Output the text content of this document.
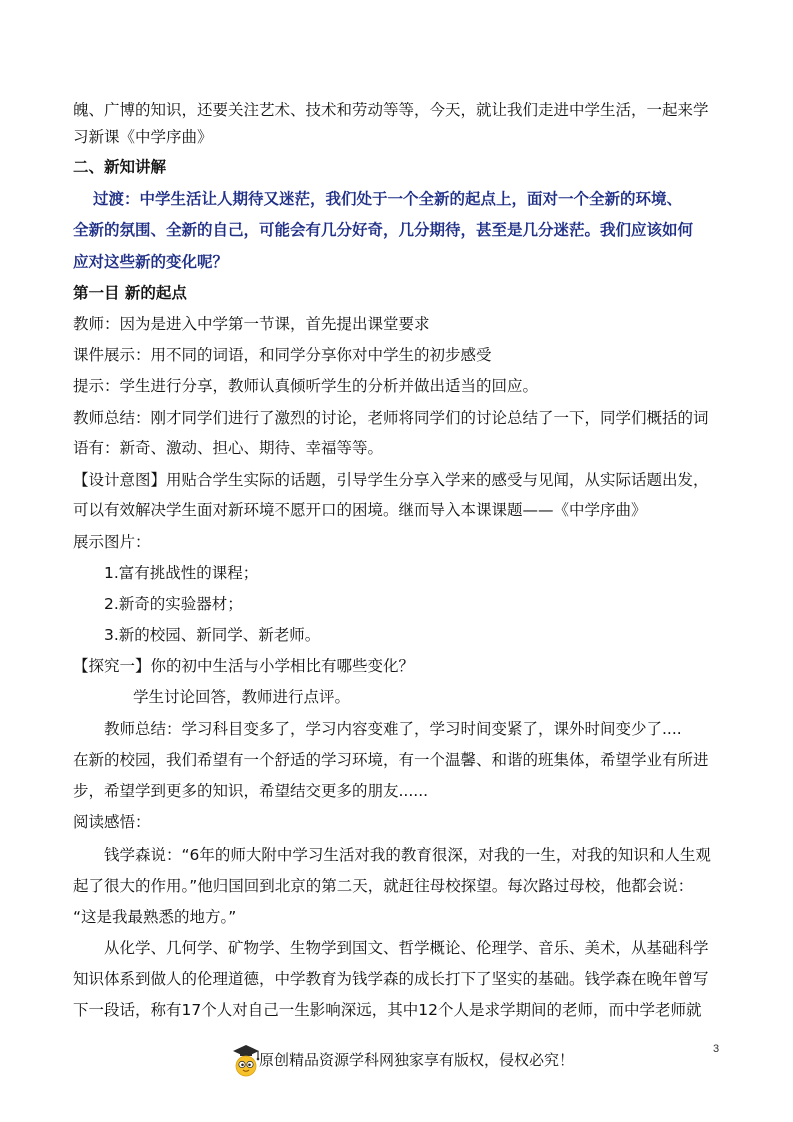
魄、广博的知识，还要关注艺术、技术和劳动等等，今天，就让我们走进中学生活，一起来学
习新课《中学序曲》
二、新知讲解
过渡：中学生活让人期待又迷茫，我们处于一个全新的起点上，面对一个全新的环境、
全新的氛围、全新的自己，可能会有几分好奇，几分期待，甚至是几分迷茫。我们应该如何
应对这些新的变化呢？
第一目 新的起点
教师：因为是进入中学第一节课，首先提出课堂要求
课件展示：用不同的词语，和同学分享你对中学生的初步感受
提示：学生进行分享，教师认真倾听学生的分析并做出适当的回应。
教师总结：刚才同学们进行了激烈的讨论，老师将同学们的讨论总结了一下，同学们概括的词
语有：新奇、激动、担心、期待、幸福等等。
【设计意图】用贴合学生实际的话题，引导学生分享入学来的感受与见闻，从实际话题出发，
可以有效解决学生面对新环境不愿开口的困境。继而导入本课课题——《中学序曲》
展示图片：
1.富有挑战性的课程；
2.新奇的实验器材；
3.新的校园、新同学、新老师。
【探究一】你的初中生活与小学相比有哪些变化？
学生讨论回答，教师进行点评。
教师总结：学习科目变多了，学习内容变难了，学习时间变紧了，课外时间变少了....
在新的校园，我们希望有一个舒适的学习环境，有一个温馨、和谐的班集体，希望学业有所进
步，希望学到更多的知识，希望结交更多的朋友......
阅读感悟：
钱学森说：“6年的师大附中学习生活对我的教育很深，对我的一生，对我的知识和人生观
起了很大的作用。”他归国回到北京的第二天，就赶往母校探望。每次路过母校，他都会说：
“这是我最熟悉的地方。”
从化学、几何学、矿物学、生物学到国文、哲学概论、伦理学、音乐、美术，从基础科学
知识体系到做人的伦理道德，中学教育为钱学森的成长打下了坚实的基础。钱学森在晚年曾写
下一段话，称有17个人对自己一生影响深远，其中12个人是求学期间的老师，而中学老师就
3
原创精品资源学科网独家享有版权，侵权必究！
